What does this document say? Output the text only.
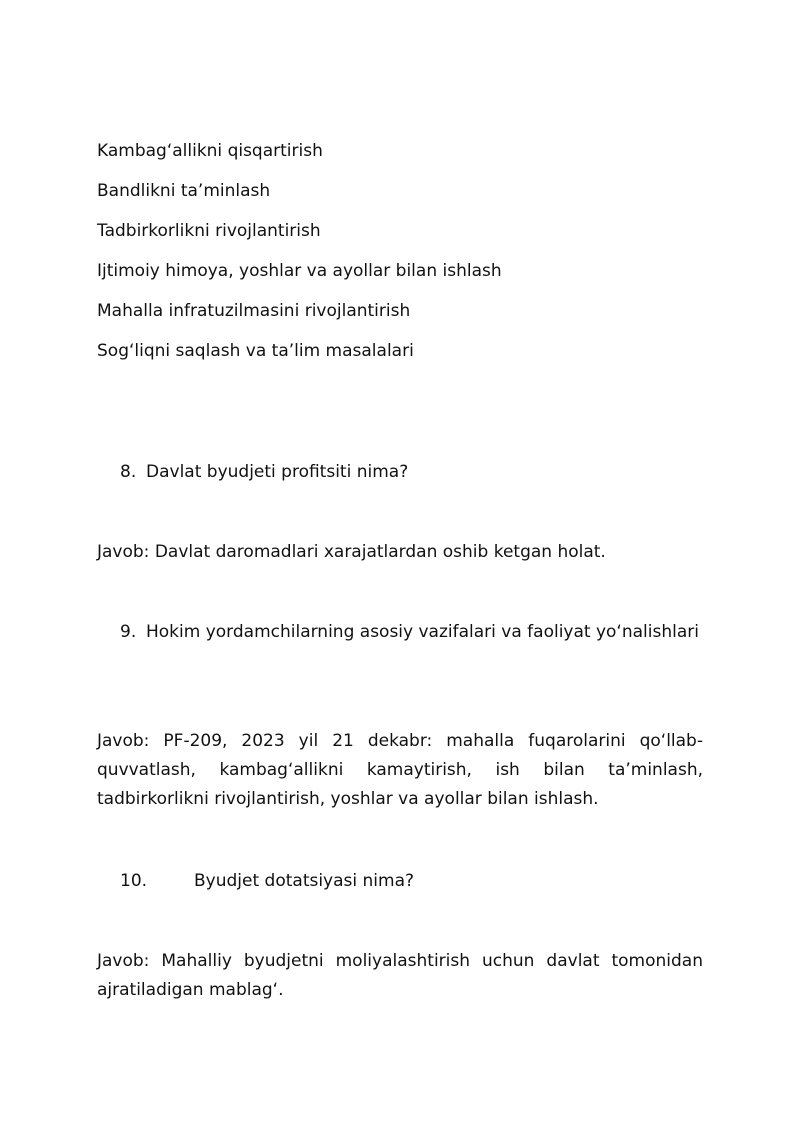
Kambag‘allikni qisqartirish
Bandlikni ta’minlash
Tadbirkorlikni rivojlantirish
Ijtimoiy himoya, yoshlar va ayollar bilan ishlash
Mahalla infratuzilmasini rivojlantirish
Sog‘liqni saqlash va ta’lim masalalari
8. Davlat byudjeti profitsiti nima?
Javob: Davlat daromadlari xarajatlardan oshib ketgan holat.
9. Hokim yordamchilarning asosiy vazifalari va faoliyat yo‘nalishlari
Javob: PF-209, 2023 yil 21 dekabr: mahalla fuqarolarini qo‘llab-quvvatlash, kambag‘allikni kamaytirish, ish bilan ta’minlash, tadbirkorlikni rivojlantirish, yoshlar va ayollar bilan ishlash.
10.	Byudjet dotatsiyasi nima?
Javob: Mahalliy byudjetni moliyalashtirish uchun davlat tomonidan ajratiladigan mablag‘.
